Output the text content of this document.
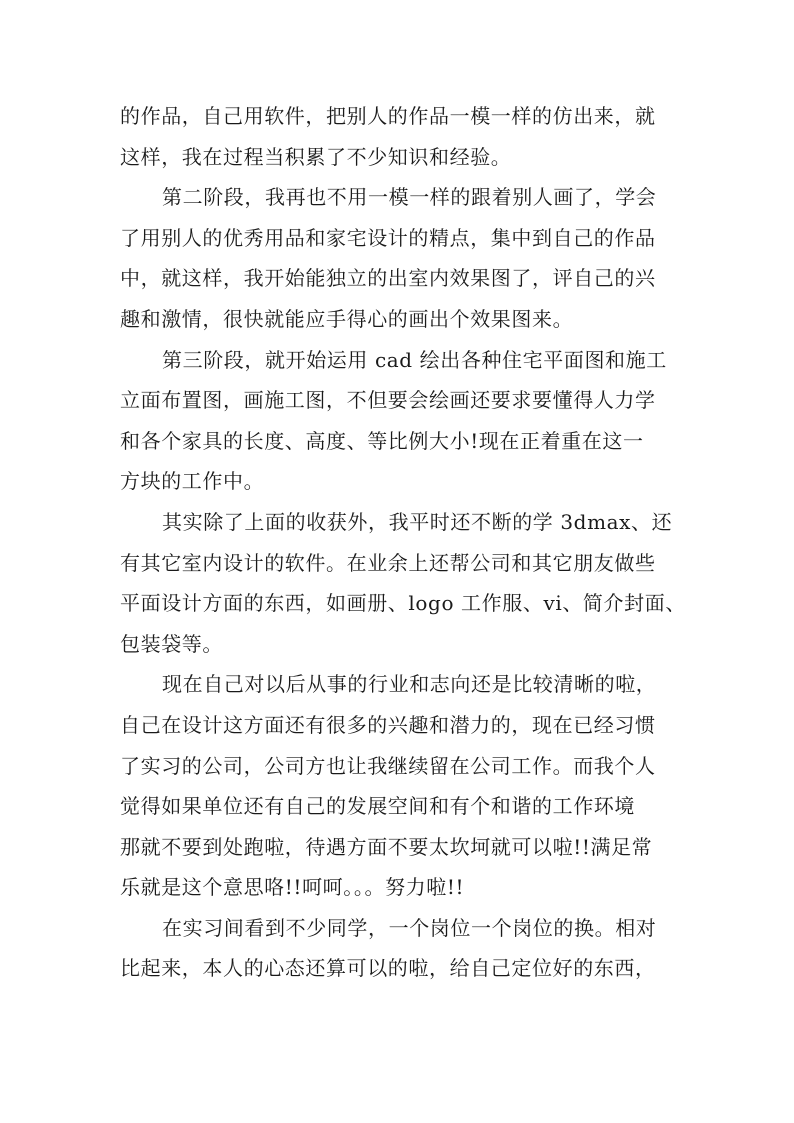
的作品，自己用软件，把别人的作品一模一样的仿出来，就
这样，我在过程当积累了不少知识和经验。
第二阶段，我再也不用一模一样的跟着别人画了，学会
了用别人的优秀用品和家宅设计的精点，集中到自己的作品
中，就这样，我开始能独立的出室内效果图了，评自己的兴
趣和激情，很快就能应手得心的画出个效果图来。
第三阶段，就开始运用 cad 绘出各种住宅平面图和施工
立面布置图，画施工图，不但要会绘画还要求要懂得人力学
和各个家具的长度、高度、等比例大小!现在正着重在这一
方块的工作中。
其实除了上面的收获外，我平时还不断的学 3dmax、还
有其它室内设计的软件。在业余上还帮公司和其它朋友做些
平面设计方面的东西，如画册、logo 工作服、vi、简介封面、
包装袋等。
现在自己对以后从事的行业和志向还是比较清晰的啦，
自己在设计这方面还有很多的兴趣和潜力的，现在已经习惯
了实习的公司，公司方也让我继续留在公司工作。而我个人
觉得如果单位还有自己的发展空间和有个和谐的工作环境
那就不要到处跑啦，待遇方面不要太坎坷就可以啦!!满足常
乐就是这个意思咯!!呵呵。。。努力啦!!
在实习间看到不少同学，一个岗位一个岗位的换。相对
比起来，本人的心态还算可以的啦，给自己定位好的东西，
